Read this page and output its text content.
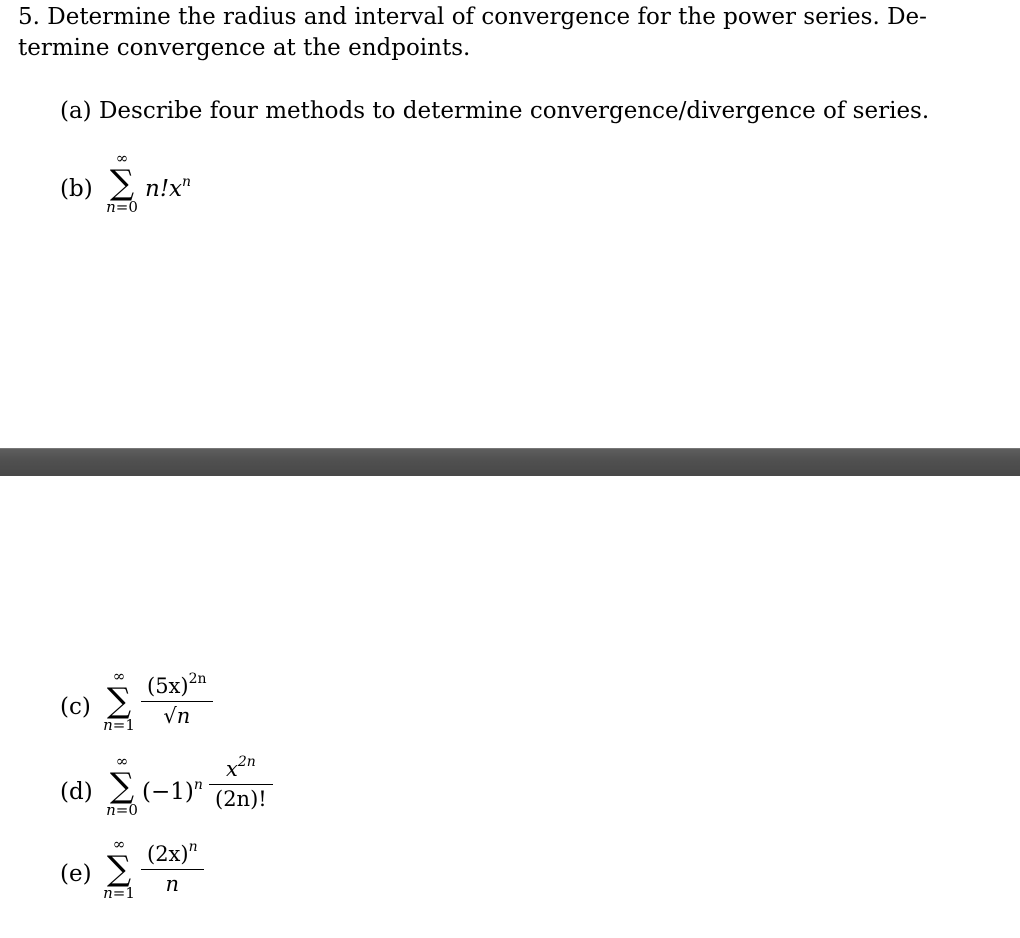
5. Determine the radius and interval of convergence for the power series. De-
termine convergence at the endpoints.
(a) Describe four methods to determine convergence/divergence of series.
(b)
∞
∑
n=0
$n!x^n$
(c)
∞
∑
$n=1 \frac{(5x)^{2n}}{√n}$
(d)
∞
∑
n=0
$(-1)^n \frac{x^{2n}}{(2n)!}$
(e)
∞
∑
$n=1 \frac{(2x)^n}{n}$
